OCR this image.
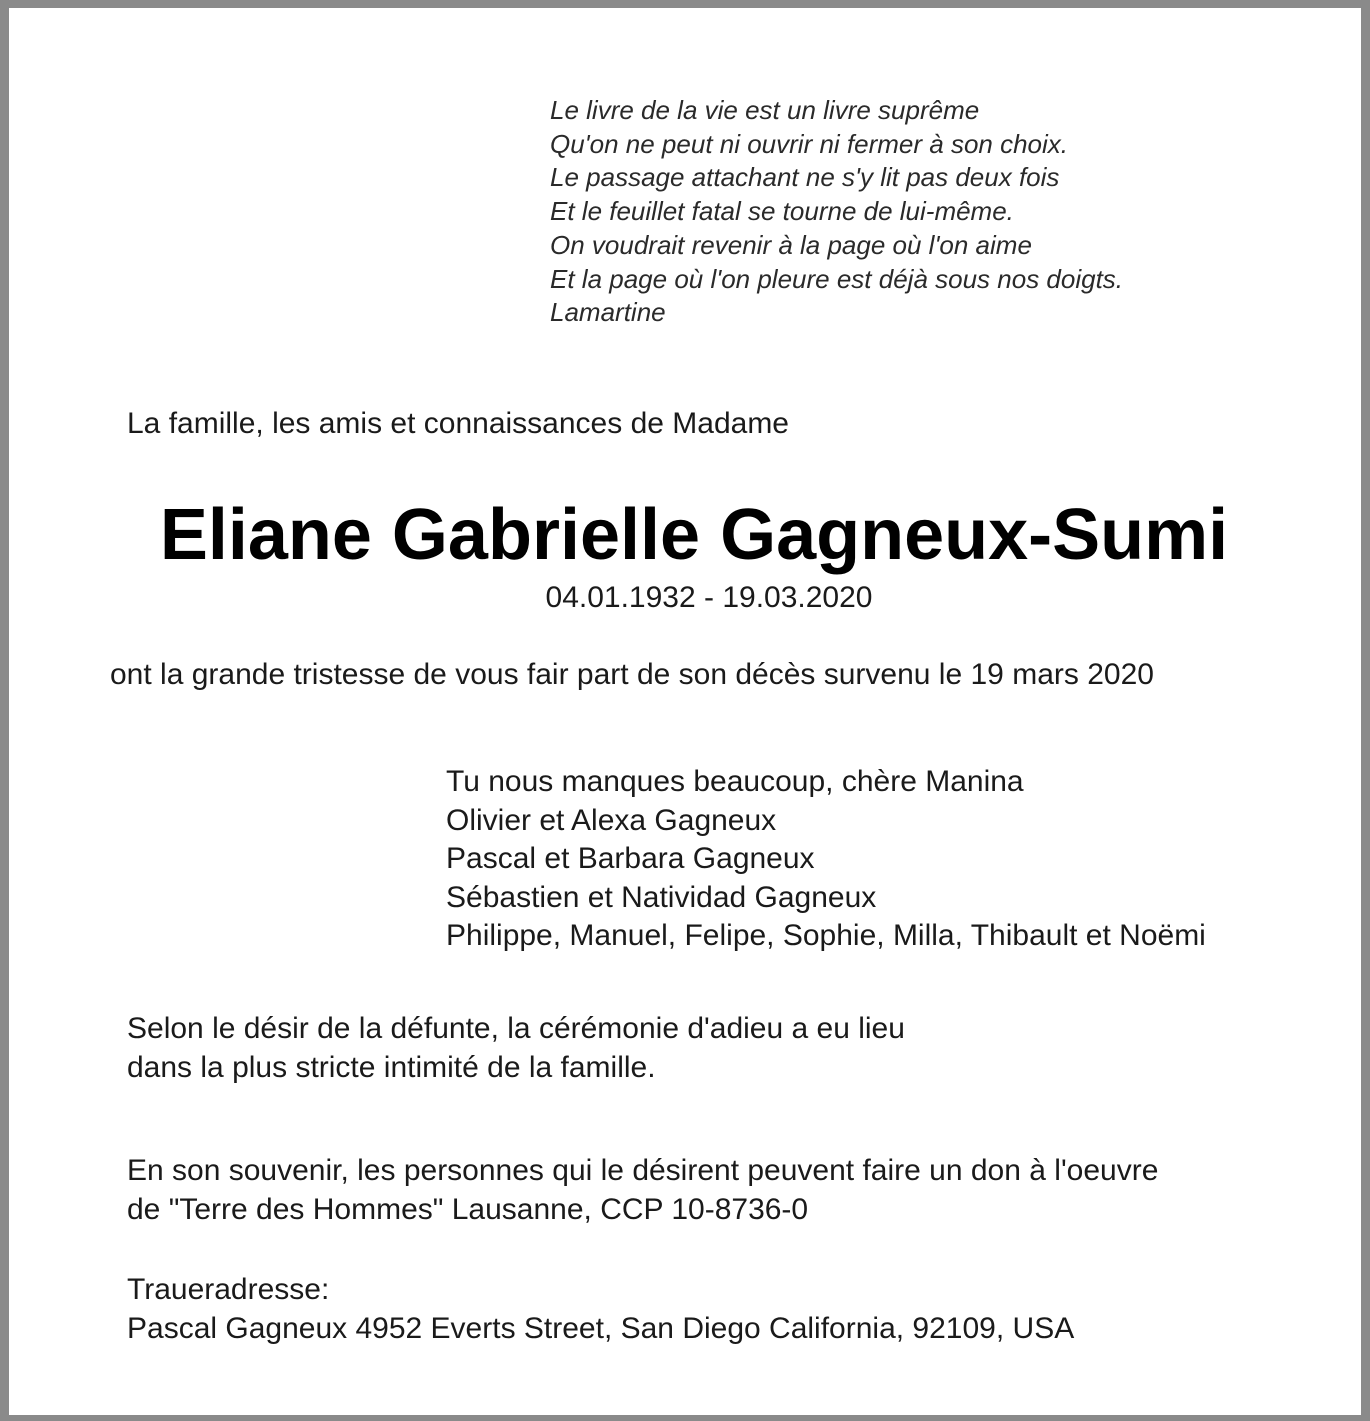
Le livre de la vie est un livre suprême
Qu'on ne peut ni ouvrir ni fermer à son choix.
Le passage attachant ne s'y lit pas deux fois
Et le feuillet fatal se tourne de lui-même.
On voudrait revenir à la page où l'on aime
Et la page où l'on pleure est déjà sous nos doigts.
Lamartine
La famille, les amis et connaissances de Madame
Eliane Gabrielle Gagneux-Sumi
04.01.1932 - 19.03.2020
ont la grande tristesse de vous fair part de son décès survenu le 19 mars 2020
Tu nous manques beaucoup, chère Manina
Olivier et Alexa Gagneux
Pascal et Barbara Gagneux
Sébastien et Natividad Gagneux
Philippe, Manuel, Felipe, Sophie, Milla, Thibault et Noëmi
Selon le désir de la défunte, la cérémonie d'adieu a eu lieu
dans la plus stricte intimité de la famille.
En son souvenir, les personnes qui le désirent peuvent faire un don à l'oeuvre
de "Terre des Hommes" Lausanne, CCP 10-8736-0
Traueradresse:
Pascal Gagneux 4952 Everts Street, San Diego California, 92109, USA
